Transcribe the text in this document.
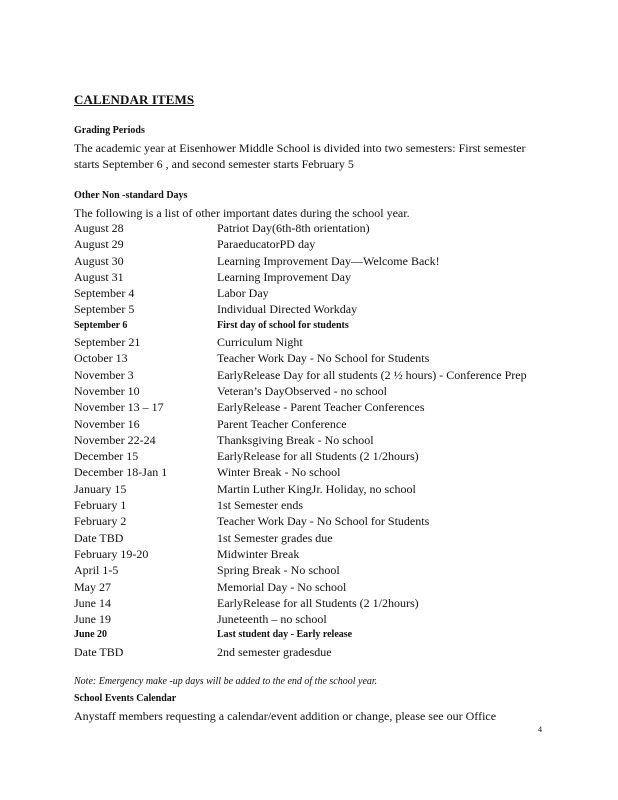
CALENDAR ITEMS
Grading Periods
The academic year at Eisenhower Middle School is divided into two semesters: First semester
starts September 6 , and second semester starts February 5
Other Non -standard Days
The following is a list of other important dates during the school year.
August 28	Patriot Day(6th-8th orientation)
August 29	ParaeducatorPD day
August 30	Learning Improvement Day—Welcome Back!
August 31	Learning Improvement Day
September 4	Labor Day
September 5	Individual Directed Workday
September 6	First day of school for students
September 21	Curriculum Night
October 13	Teacher Work Day - No School for Students
November 3	EarlyRelease Day for all students (2 ½ hours) - Conference Prep
November 10	Veteran’s DayObserved - no school
November 13 – 17	EarlyRelease - Parent Teacher Conferences
November 16	Parent Teacher Conference
November 22-24	Thanksgiving Break - No school
December 15	EarlyRelease for all Students (2 1/2hours)
December 18-Jan 1	Winter Break - No school
January 15	Martin Luther KingJr. Holiday, no school
February 1	1st Semester ends
February 2	Teacher Work Day - No School for Students
Date TBD	1st Semester grades due
February 19-20	Midwinter Break
April 1-5	Spring Break - No school
May 27	Memorial Day - No school
June 14	EarlyRelease for all Students (2 1/2hours)
June 19	Juneteenth – no school
June 20	Last student day - Early release
Date TBD	2nd semester gradesdue
Note: Emergency make -up days will be added to the end of the school year.
School Events Calendar
Anystaff members requesting a calendar/event addition or change, please see our Office
4
